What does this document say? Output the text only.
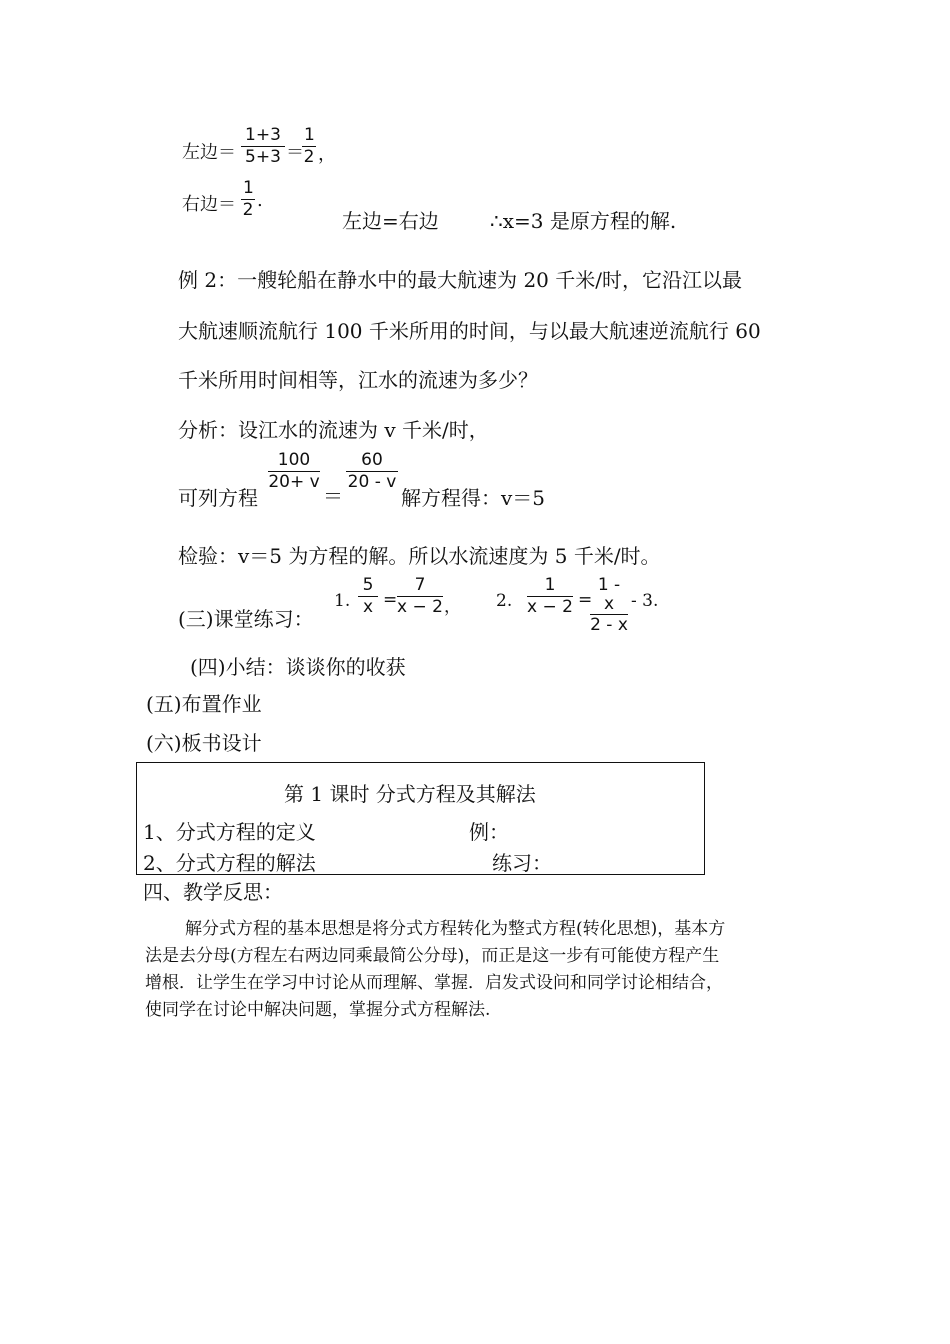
左边＝ $\frac{1+3}{5+3}$ ＝
$\frac{1}{2}$ ，
右边＝ $\frac{1}{2}$ .
左边=右边	∴x=3 是原方程的解.
例 2：一艘轮船在静水中的最大航速为 20 千米/时，它沿江以最
大航速顺流航行 100 千米所用的时间，与以最大航速逆流航行 60
千米所用时间相等，江水的流速为多少？
分析：设江水的流速为 v 千米/时，
可列方程
$\frac{100}{20+ v}$
＝
$\frac{60}{20 - v}$
解方程得：v＝5
检验：v＝5 为方程的解。所以水流速度为 5 千米/时。
(三)课堂练习：
1. $\frac{5}{x} = \frac{7}{x - 2}$ ， 2. $\frac{1}{x - 2}$ =
$\frac{1 - x}{2 - x} - 3$.
(四)小结：谈谈你的收获
(五)布置作业
(六)板书设计
第 1 课时 分式方程及其解法
1、分式方程的定义	例：
2、分式方程的解法	练习：
四、教学反思：
解分式方程的基本思想是将分式方程转化为整式方程(转化思想)，基本方
法是去分母(方程左右两边同乘最简公分母)，而正是这一步有可能使方程产生
增根．让学生在学习中讨论从而理解、掌握．启发式设问和同学讨论相结合，
使同学在讨论中解决问题，掌握分式方程解法.
